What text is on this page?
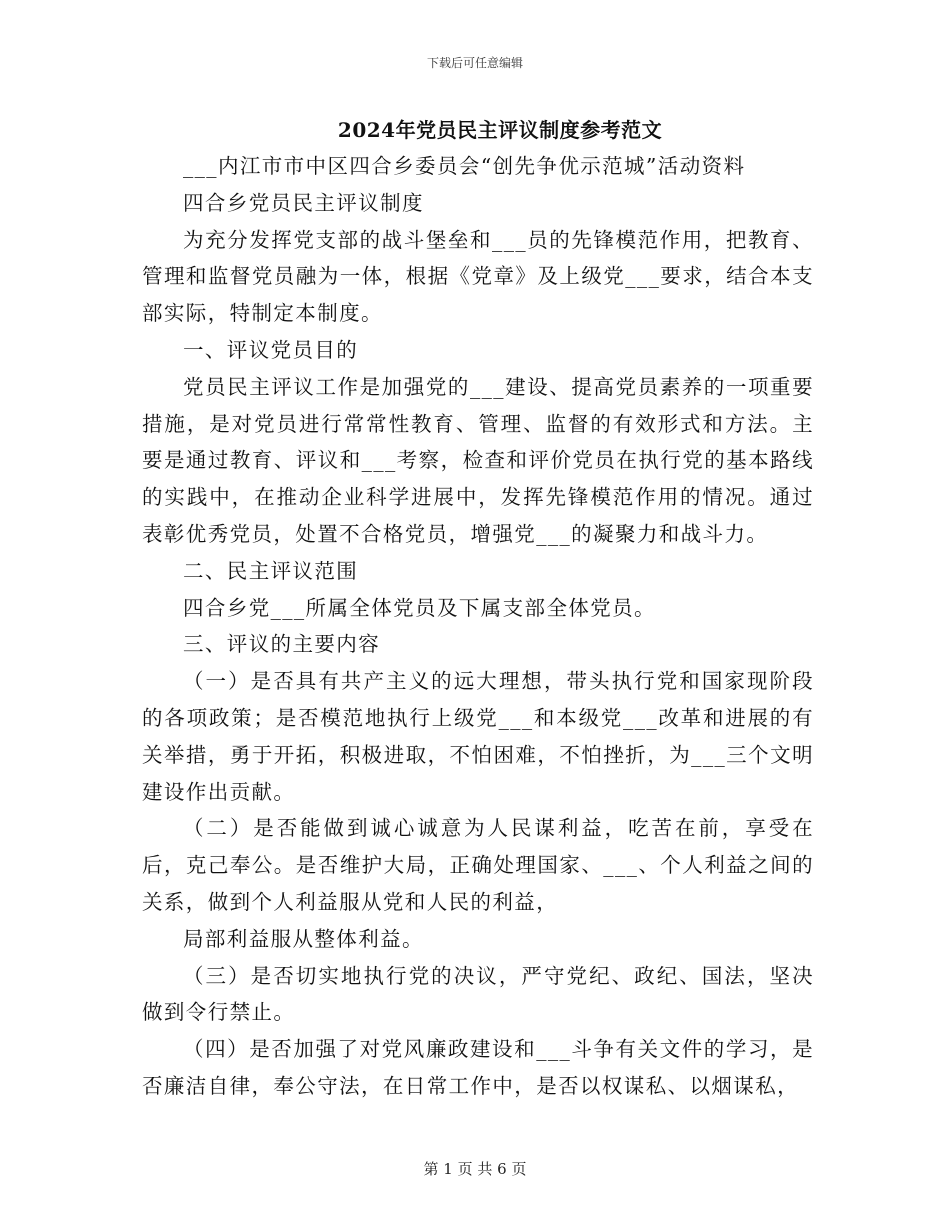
下载后可任意编辑
2024年党员民主评议制度参考范文

___内江市市中区四合乡委员会“创先争优示范城”活动资料

四合乡党员民主评议制度

为充分发挥党支部的战斗堡垒和___员的先锋模范作用，把教育、管理和监督党员融为一体，根据《党章》及上级党___要求，结合本支部实际，特制定本制度。

一、评议党员目的

党员民主评议工作是加强党的___建设、提高党员素养的一项重要措施，是对党员进行常常性教育、管理、监督的有效形式和方法。主要是通过教育、评议和___考察，检查和评价党员在执行党的基本路线的实践中，在推动企业科学进展中，发挥先锋模范作用的情况。通过表彰优秀党员，处置不合格党员，增强党___的凝聚力和战斗力。

二、民主评议范围

四合乡党___所属全体党员及下属支部全体党员。

三、评议的主要内容

（一）是否具有共产主义的远大理想，带头执行党和国家现阶段的各项政策；是否模范地执行上级党___和本级党___改革和进展的有关举措，勇于开拓，积极进取，不怕困难，不怕挫折，为___三个文明建设作出贡献。

（二）是否能做到诚心诚意为人民谋利益，吃苦在前，享受在后，克己奉公。是否维护大局，正确处理国家、___、个人利益之间的关系，做到个人利益服从党和人民的利益，

局部利益服从整体利益。

（三）是否切实地执行党的决议，严守党纪、政纪、国法，坚决做到令行禁止。

（四）是否加强了对党风廉政建设和___斗争有关文件的学习，是否廉洁自律，奉公守法，在日常工作中，是否以权谋私、以烟谋私，

第 1 页 共 6 页
